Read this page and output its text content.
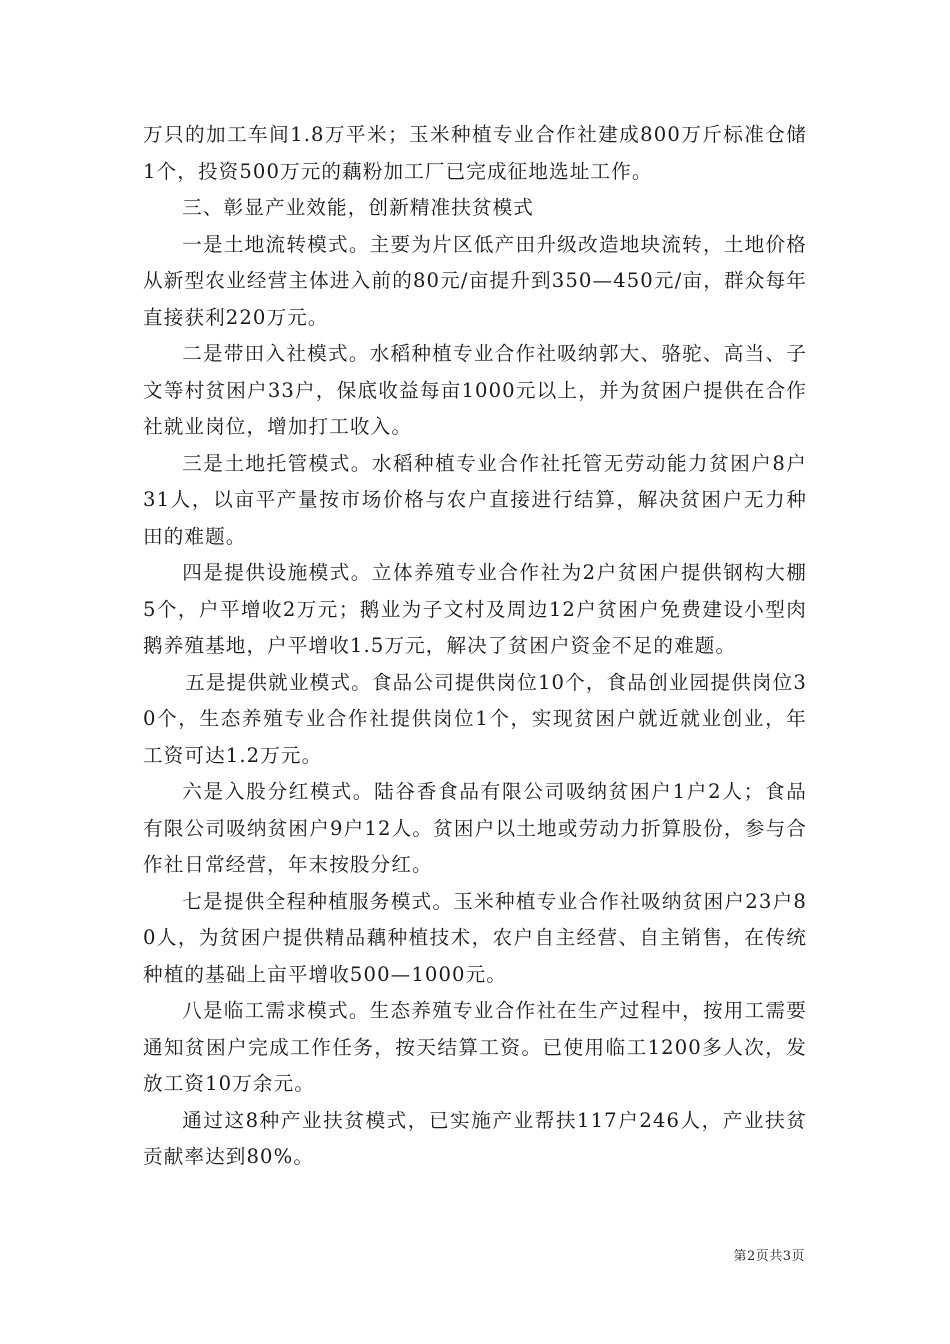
万只的加工车间1.8万平米；玉米种植专业合作社建成800万斤标准仓储1个，投资500万元的藕粉加工厂已完成征地选址工作。

三、彰显产业效能，创新精准扶贫模式

一是土地流转模式。主要为片区低产田升级改造地块流转，土地价格从新型农业经营主体进入前的80元/亩提升到350—450元/亩，群众每年直接获利220万元。

二是带田入社模式。水稻种植专业合作社吸纳郭大、骆驼、高当、子文等村贫困户33户，保底收益每亩1000元以上，并为贫困户提供在合作社就业岗位，增加打工收入。

三是土地托管模式。水稻种植专业合作社托管无劳动能力贫困户8户31人，以亩平产量按市场价格与农户直接进行结算，解决贫困户无力种田的难题。

四是提供设施模式。立体养殖专业合作社为2户贫困户提供钢构大棚5个，户平增收2万元；鹅业为子文村及周边12户贫困户免费建设小型肉鹅养殖基地，户平增收1.5万元，解决了贫困户资金不足的难题。

五是提供就业模式。食品公司提供岗位10个，食品创业园提供岗位30个，生态养殖专业合作社提供岗位1个，实现贫困户就近就业创业，年工资可达1.2万元。

六是入股分红模式。陆谷香食品有限公司吸纳贫困户1户2人；食品有限公司吸纳贫困户9户12人。贫困户以土地或劳动力折算股份，参与合作社日常经营，年末按股分红。

七是提供全程种植服务模式。玉米种植专业合作社吸纳贫困户23户80人，为贫困户提供精品藕种植技术，农户自主经营、自主销售，在传统种植的基础上亩平增收500—1000元。

八是临工需求模式。生态养殖专业合作社在生产过程中，按用工需要通知贫困户完成工作任务，按天结算工资。已使用临工1200多人次，发放工资10万余元。

通过这8种产业扶贫模式，已实施产业帮扶117户246人，产业扶贫贡献率达到80%。

第2页共3页
